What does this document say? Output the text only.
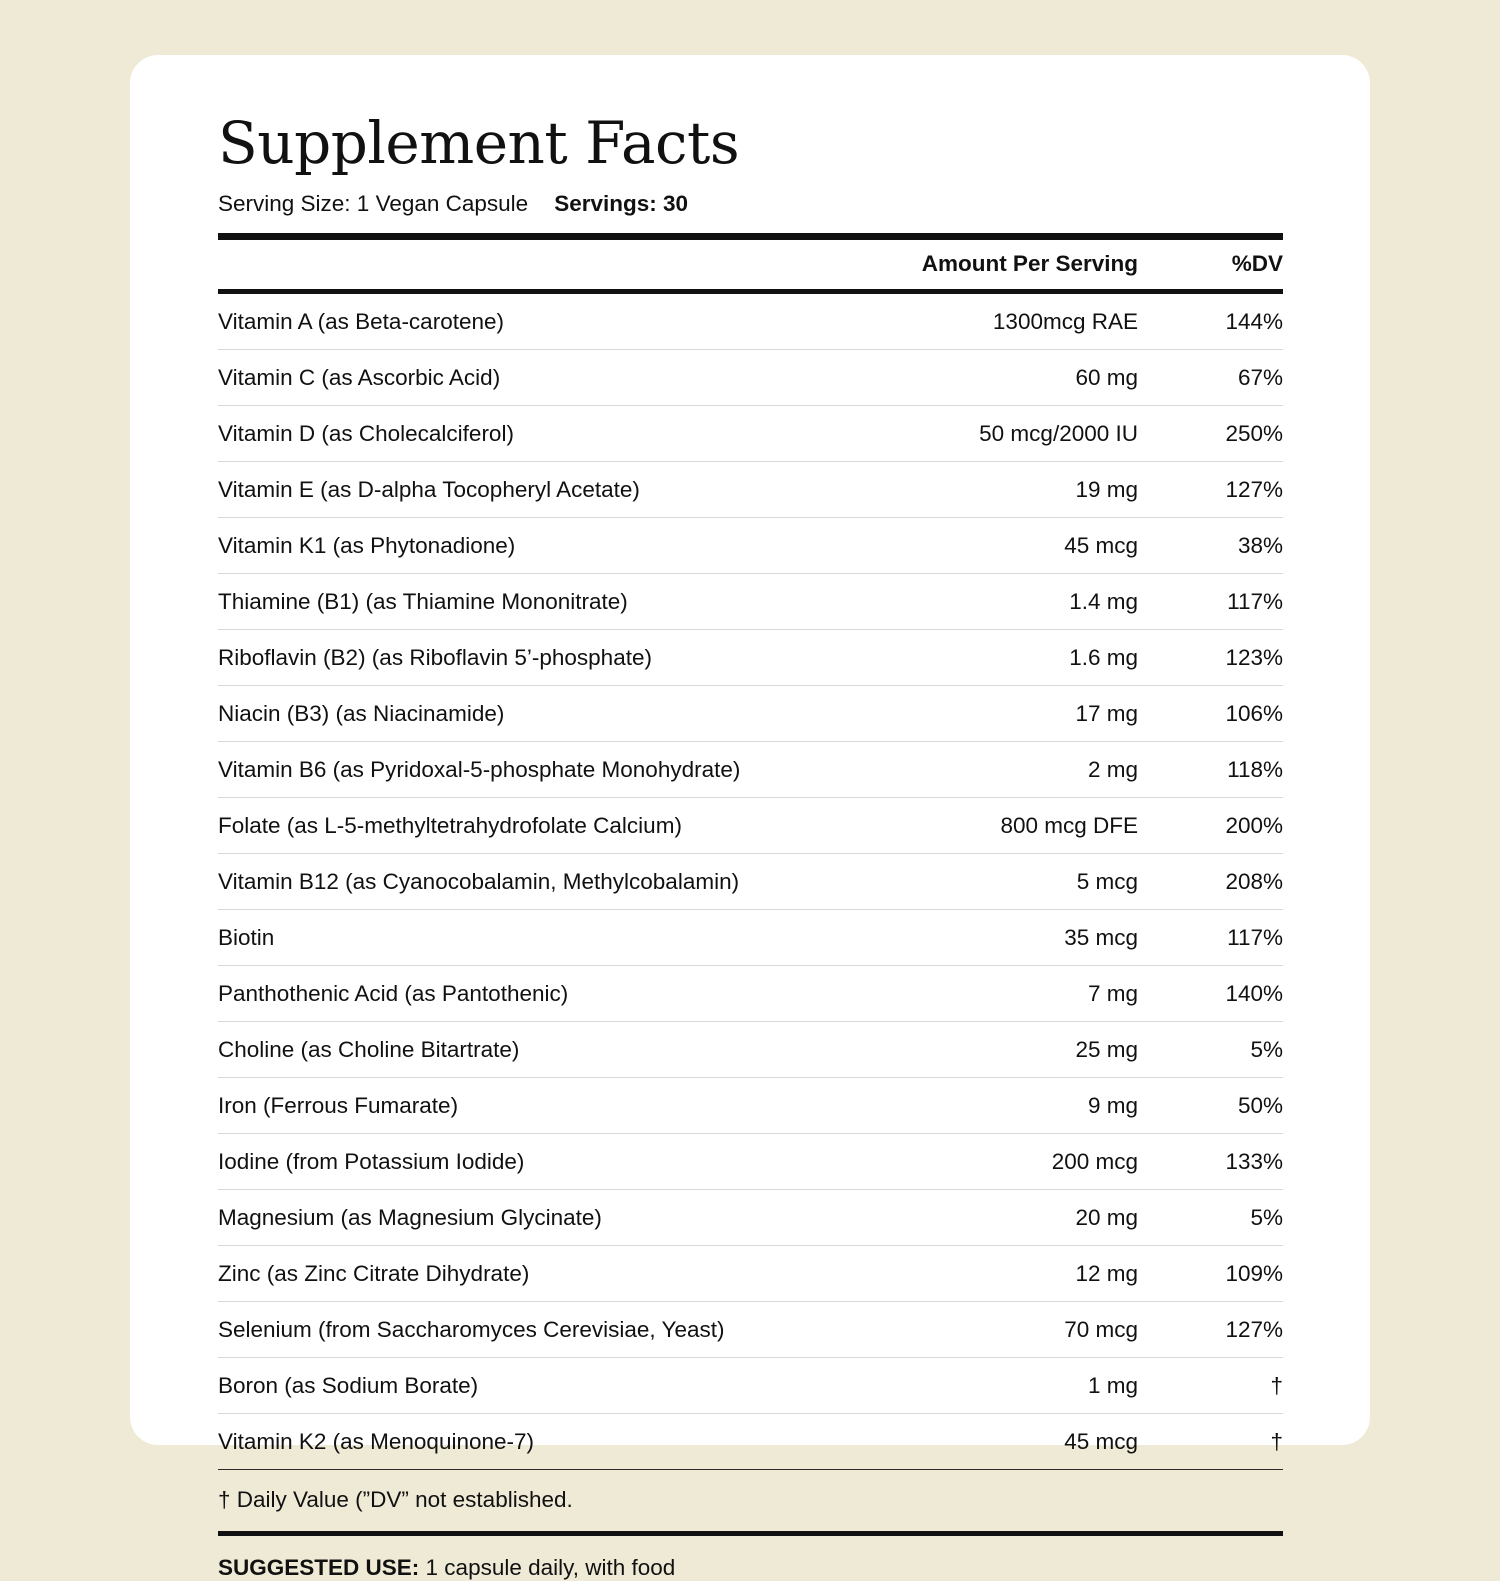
Supplement Facts
Serving Size: 1 Vegan Capsule Servings: 30
	Amount Per Serving	%DV
Vitamin A (as Beta-carotene)	1300mcg RAE	144%
Vitamin C (as Ascorbic Acid)	60 mg	67%
Vitamin D (as Cholecalciferol)	50 mcg/2000 IU	250%
Vitamin E (as D-alpha Tocopheryl Acetate)	19 mg	127%
Vitamin K1 (as Phytonadione)	45 mcg	38%
Thiamine (B1) (as Thiamine Mononitrate)	1.4 mg	117%
Riboflavin (B2) (as Riboflavin 5’-phosphate)	1.6 mg	123%
Niacin (B3) (as Niacinamide)	17 mg	106%
Vitamin B6 (as Pyridoxal-5-phosphate Monohydrate)	2 mg	118%
Folate (as L-5-methyltetrahydrofolate Calcium)	800 mcg DFE	200%
Vitamin B12 (as Cyanocobalamin, Methylcobalamin)	5 mcg	208%
Biotin	35 mcg	117%
Panthothenic Acid (as Pantothenic)	7 mg	140%
Choline (as Choline Bitartrate)	25 mg	5%
Iron (Ferrous Fumarate)	9 mg	50%
Iodine (from Potassium Iodide)	200 mcg	133%
Magnesium (as Magnesium Glycinate)	20 mg	5%
Zinc (as Zinc Citrate Dihydrate)	12 mg	109%
Selenium (from Saccharomyces Cerevisiae, Yeast)	70 mcg	127%
Boron (as Sodium Borate)	1 mg	†
Vitamin K2 (as Menoquinone-7)	45 mcg	†
† Daily Value (”DV” not established.
SUGGESTED USE: 1 capsule daily, with food
